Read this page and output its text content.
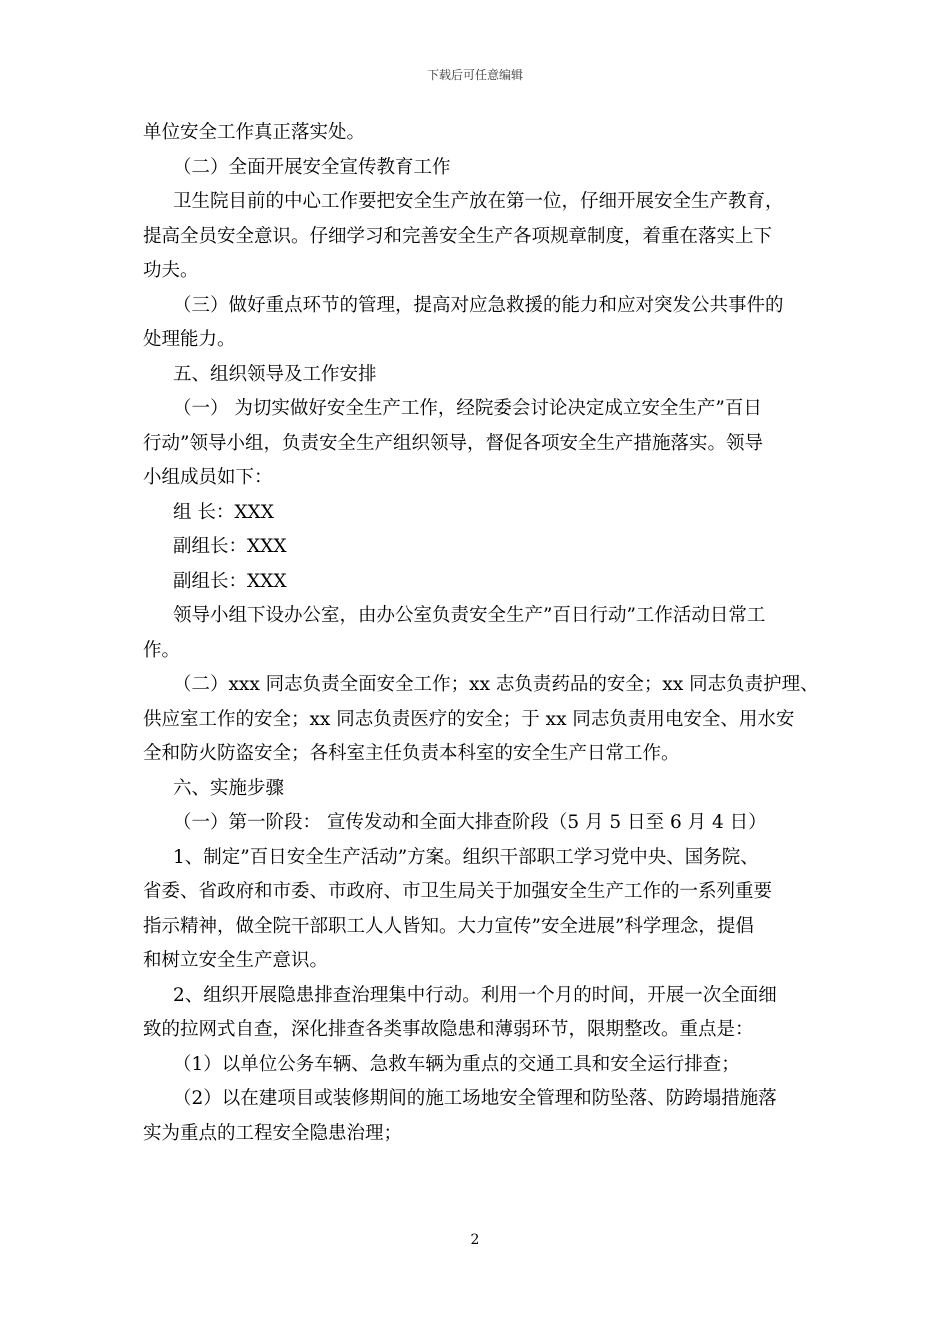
下载后可任意编辑

单位安全工作真正落实处。

（二）全面开展安全宣传教育工作

卫生院目前的中心工作要把安全生产放在第一位，仔细开展安全生产教育，

提高全员安全意识。仔细学习和完善安全生产各项规章制度，着重在落实上下

功夫。

（三）做好重点环节的管理，提高对应急救援的能力和应对突发公共事件的

处理能力。

五、组织领导及工作安排

（一） 为切实做好安全生产工作，经院委会讨论决定成立安全生产”百日

行动”领导小组，负责安全生产组织领导，督促各项安全生产措施落实。领导

小组成员如下：

组 长：XXX

副组长：XXX

副组长：XXX

领导小组下设办公室，由办公室负责安全生产”百日行动”工作活动日常工

作。

（二）xxx 同志负责全面安全工作；xx 志负责药品的安全；xx 同志负责护理、

供应室工作的安全；xx 同志负责医疗的安全；于 xx 同志负责用电安全、用水安

全和防火防盗安全；各科室主任负责本科室的安全生产日常工作。

六、实施步骤

（一）第一阶段： 宣传发动和全面大排查阶段（5 月 5 日至 6 月 4 日）

1、制定”百日安全生产活动”方案。组织干部职工学习党中央、国务院、

省委、省政府和市委、市政府、市卫生局关于加强安全生产工作的一系列重要

指示精神，做全院干部职工人人皆知。大力宣传”安全进展”科学理念，提倡

和树立安全生产意识。

2、组织开展隐患排查治理集中行动。利用一个月的时间，开展一次全面细

致的拉网式自查，深化排查各类事故隐患和薄弱环节，限期整改。重点是：

（1）以单位公务车辆、急救车辆为重点的交通工具和安全运行排查；

（2）以在建项目或装修期间的施工场地安全管理和防坠落、防跨塌措施落

实为重点的工程安全隐患治理；

2
